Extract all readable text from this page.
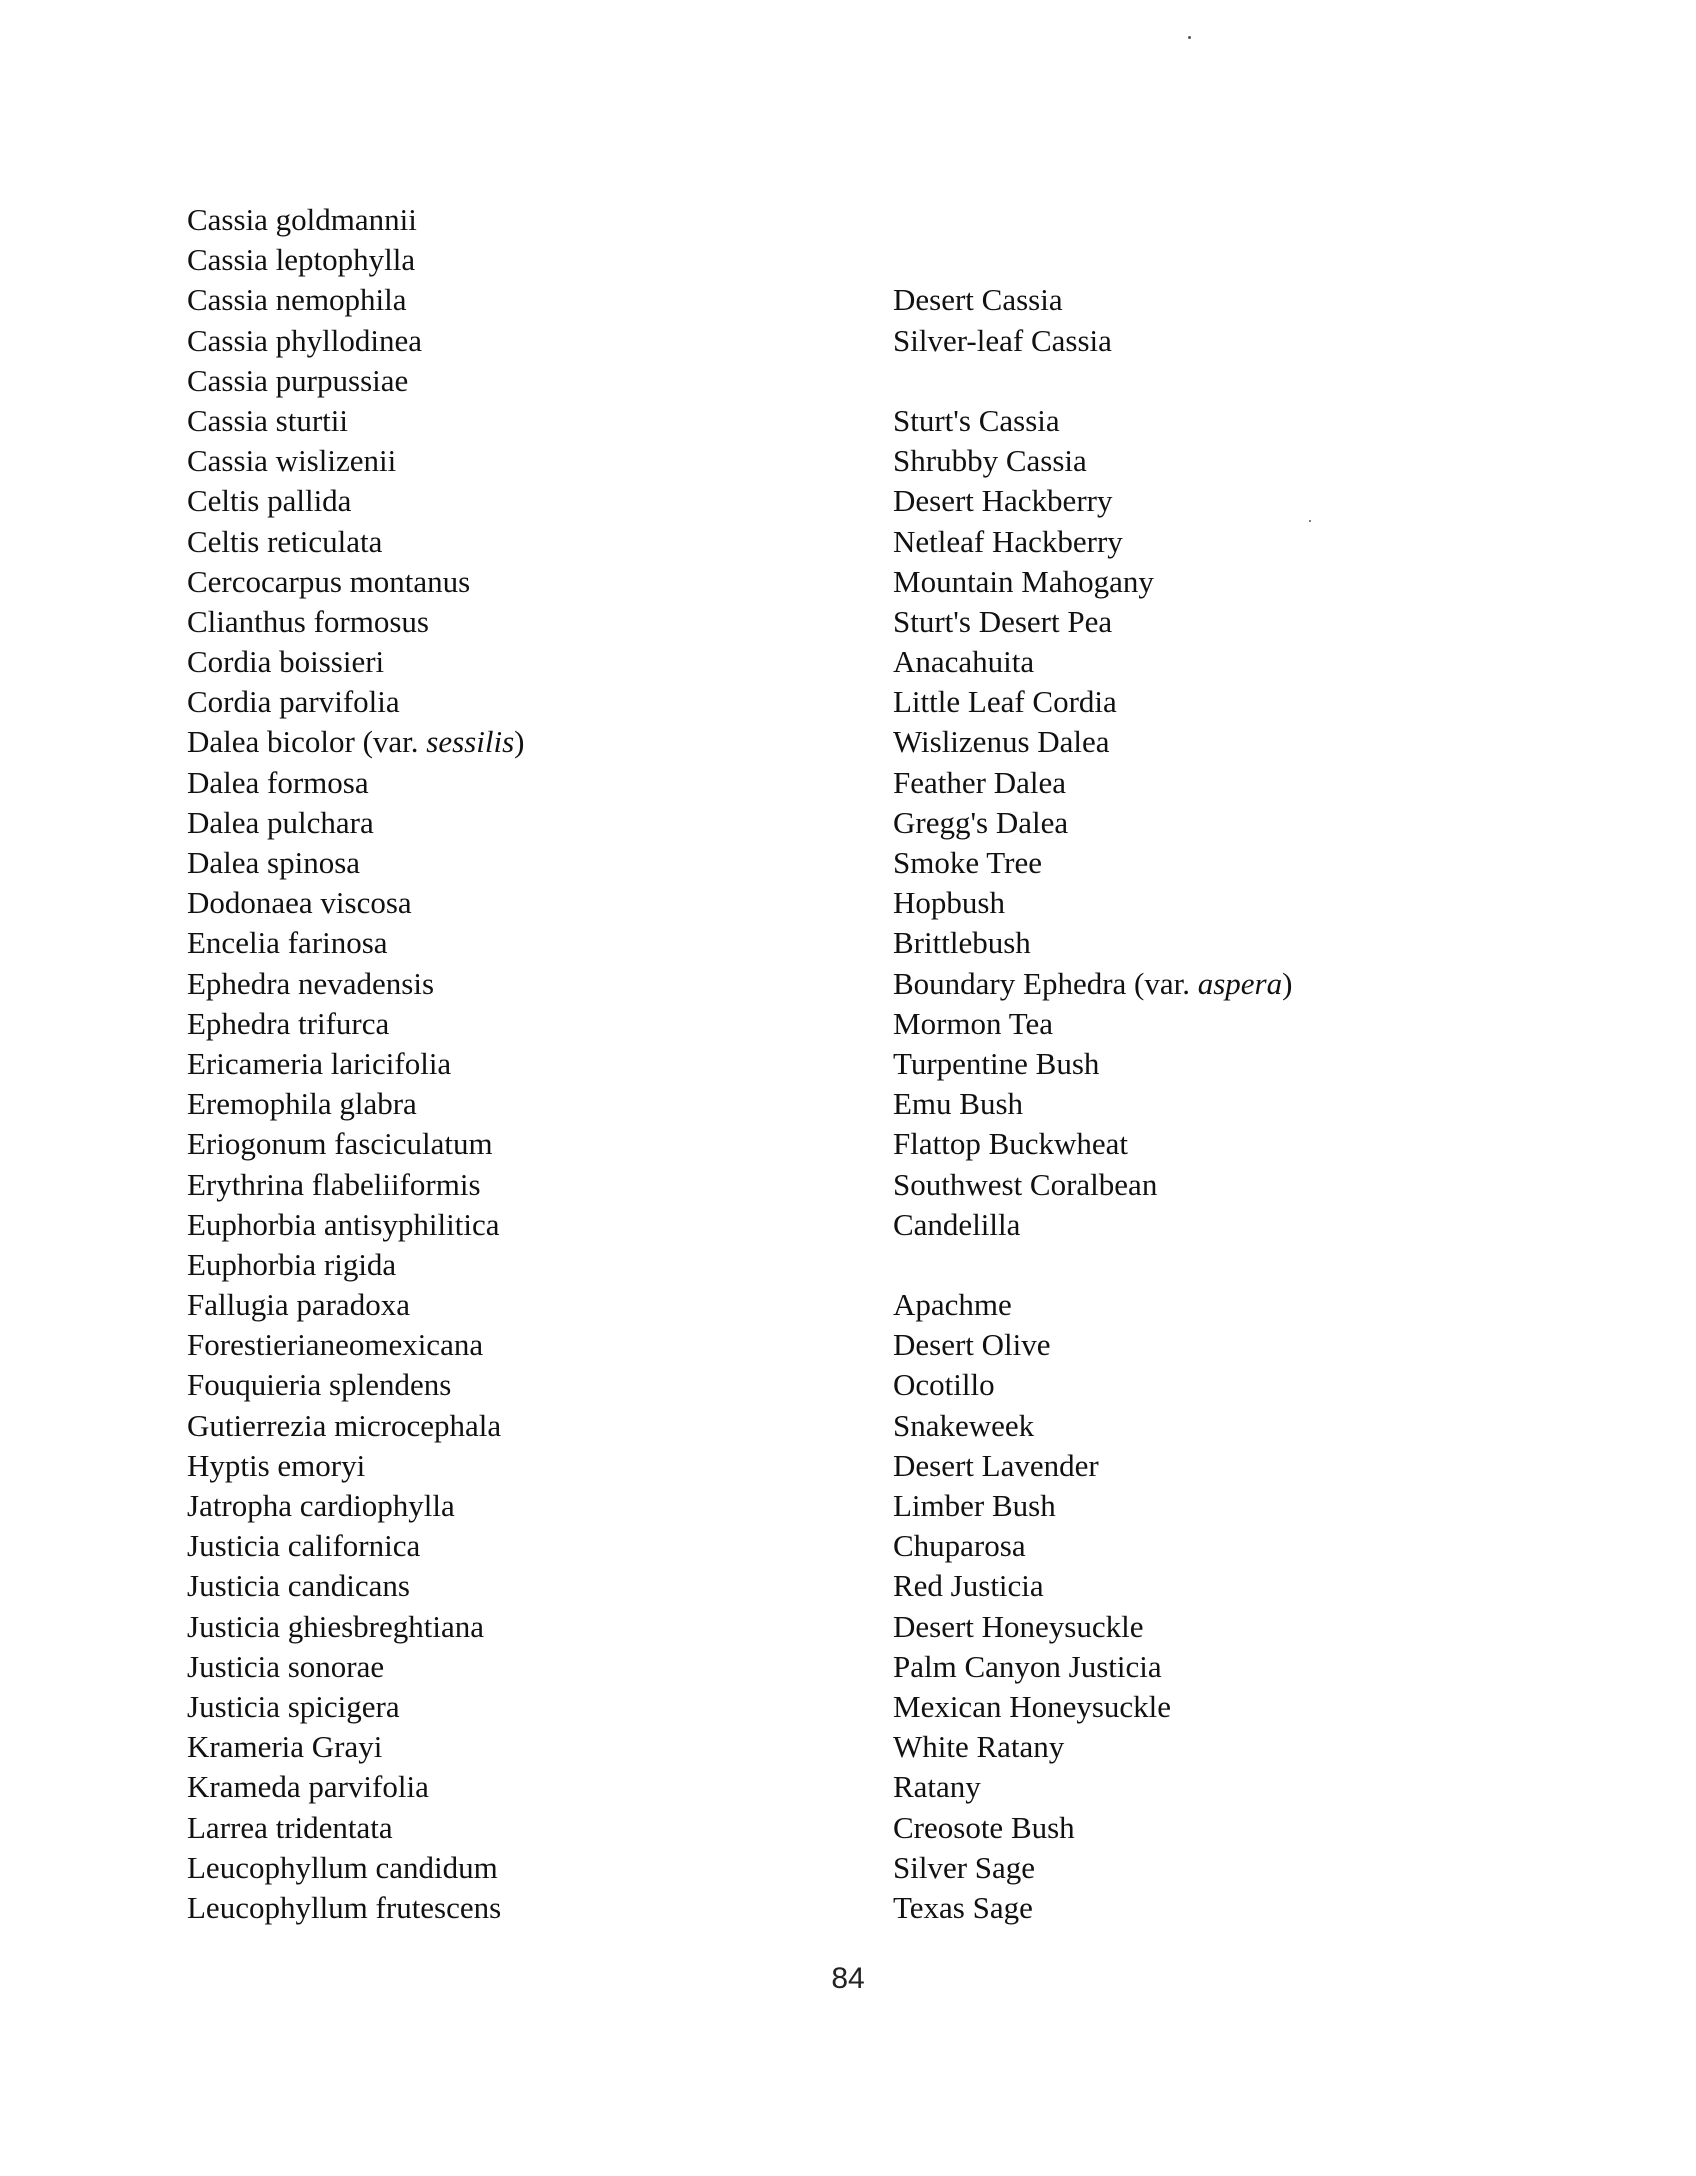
Cassia goldmannii
Cassia leptophylla
Cassia nemophila	Desert Cassia
Cassia phyllodinea	Silver-leaf Cassia
Cassia purpussiae
Cassia sturtii	Sturt's Cassia
Cassia wislizenii	Shrubby Cassia
Celtis pallida	Desert Hackberry
Celtis reticulata	Netleaf Hackberry
Cercocarpus montanus	Mountain Mahogany
Clianthus formosus	Sturt's Desert Pea
Cordia boissieri	Anacahuita
Cordia parvifolia	Little Leaf Cordia
Dalea bicolor (var. sessilis)	Wislizenus Dalea
Dalea formosa	Feather Dalea
Dalea pulchara	Gregg's Dalea
Dalea spinosa	Smoke Tree
Dodonaea viscosa	Hopbush
Encelia farinosa	Brittlebush
Ephedra nevadensis	Boundary Ephedra (var. aspera)
Ephedra trifurca	Mormon Tea
Ericameria laricifolia	Turpentine Bush
Eremophila glabra	Emu Bush
Eriogonum fasciculatum	Flattop Buckwheat
Erythrina flabeliiformis	Southwest Coralbean
Euphorbia antisyphilitica	Candelilla
Euphorbia rigida
Fallugia paradoxa	Apachme
Forestierianeomexicana	Desert Olive
Fouquieria splendens	Ocotillo
Gutierrezia microcephala	Snakeweek
Hyptis emoryi	Desert Lavender
Jatropha cardiophylla	Limber Bush
Justicia californica	Chuparosa
Justicia candicans	Red Justicia
Justicia ghiesbreghtiana	Desert Honeysuckle
Justicia sonorae	Palm Canyon Justicia
Justicia spicigera	Mexican Honeysuckle
Krameria Grayi	White Ratany
Krameda parvifolia	Ratany
Larrea tridentata	Creosote Bush
Leucophyllum candidum	Silver Sage
Leucophyllum frutescens	Texas Sage
84
